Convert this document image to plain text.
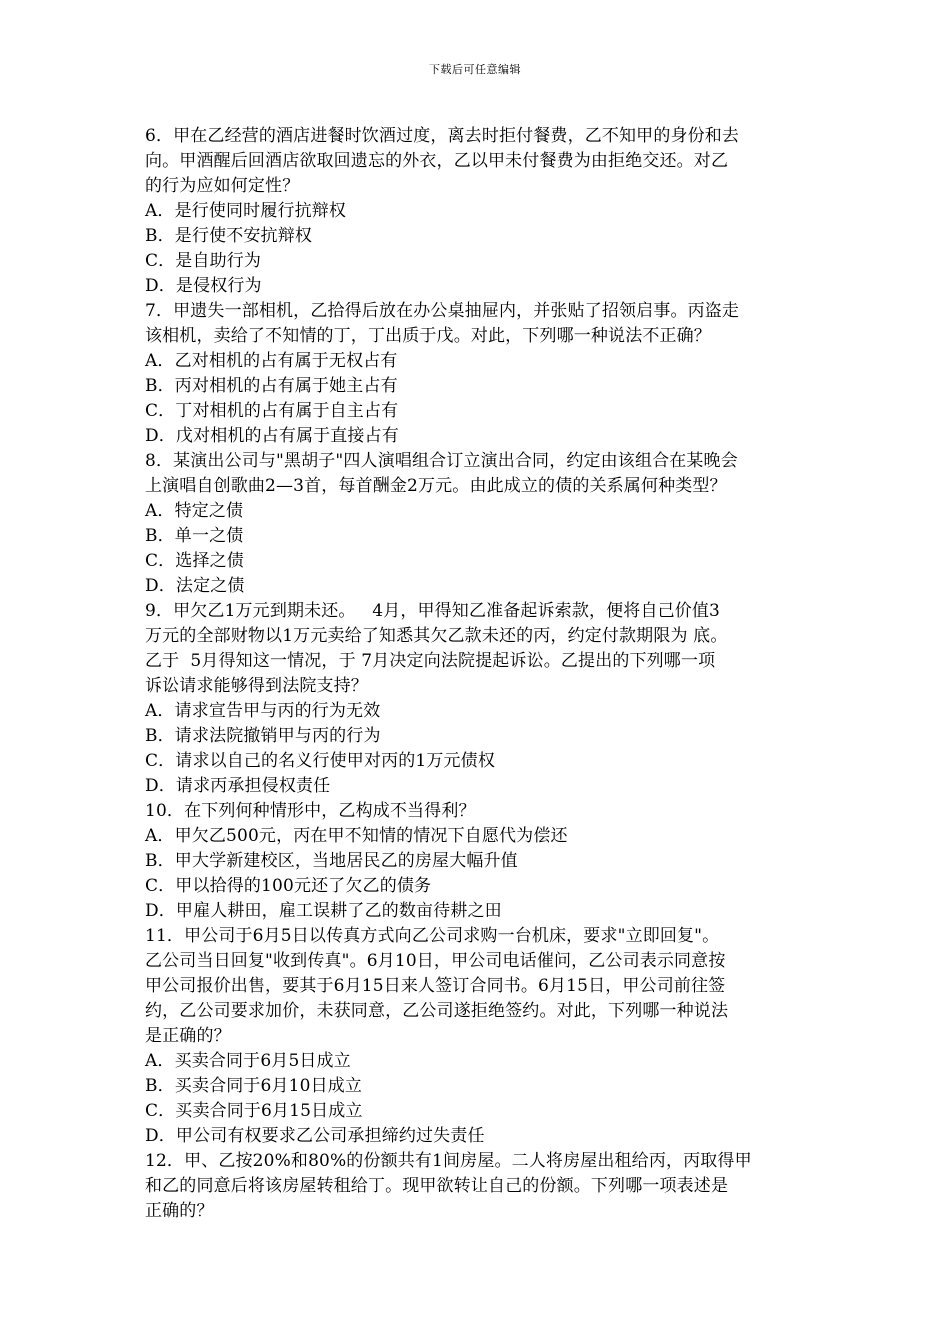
下载后可任意编辑
6．甲在乙经营的酒店进餐时饮酒过度，离去时拒付餐费，乙不知甲的身份和去
向。甲酒醒后回酒店欲取回遗忘的外衣，乙以甲未付餐费为由拒绝交还。对乙
的行为应如何定性？
A．是行使同时履行抗辩权
B．是行使不安抗辩权
C．是自助行为
D．是侵权行为
7．甲遗失一部相机，乙拾得后放在办公桌抽屉内，并张贴了招领启事。丙盗走
该相机，卖给了不知情的丁，丁出质于戊。对此，下列哪一种说法不正确？
A．乙对相机的占有属于无权占有
B．丙对相机的占有属于她主占有
C．丁对相机的占有属于自主占有
D．戊对相机的占有属于直接占有
8．某演出公司与"黑胡子"四人演唱组合订立演出合同，约定由该组合在某晚会
上演唱自创歌曲2—3首，每首酬金2万元。由此成立的债的关系属何种类型？
A．特定之债
B．单一之债
C．选择之债
D．法定之债
9．甲欠乙1万元到期未还。   4月，甲得知乙准备起诉索款，便将自己价值3
万元的全部财物以1万元卖给了知悉其欠乙款未还的丙，约定付款期限为 底。
乙于  5月得知这一情况，于 7月决定向法院提起诉讼。乙提出的下列哪一项
诉讼请求能够得到法院支持？
A．请求宣告甲与丙的行为无效
B．请求法院撤销甲与丙的行为
C．请求以自己的名义行使甲对丙的1万元债权
D．请求丙承担侵权责任
10．在下列何种情形中，乙构成不当得利？
A．甲欠乙500元，丙在甲不知情的情况下自愿代为偿还
B．甲大学新建校区，当地居民乙的房屋大幅升值
C．甲以拾得的100元还了欠乙的债务
D．甲雇人耕田，雇工误耕了乙的数亩待耕之田
11．甲公司于6月5日以传真方式向乙公司求购一台机床，要求"立即回复"。
乙公司当日回复"收到传真"。6月10日，甲公司电话催问，乙公司表示同意按
甲公司报价出售，要其于6月15日来人签订合同书。6月15日，甲公司前往签
约，乙公司要求加价，未获同意，乙公司遂拒绝签约。对此，下列哪一种说法
是正确的？
A．买卖合同于6月5日成立
B．买卖合同于6月10日成立
C．买卖合同于6月15日成立
D．甲公司有权要求乙公司承担缔约过失责任
12．甲、乙按20%和80%的份额共有1间房屋。二人将房屋出租给丙，丙取得甲
和乙的同意后将该房屋转租给丁。现甲欲转让自己的份额。下列哪一项表述是
正确的？
